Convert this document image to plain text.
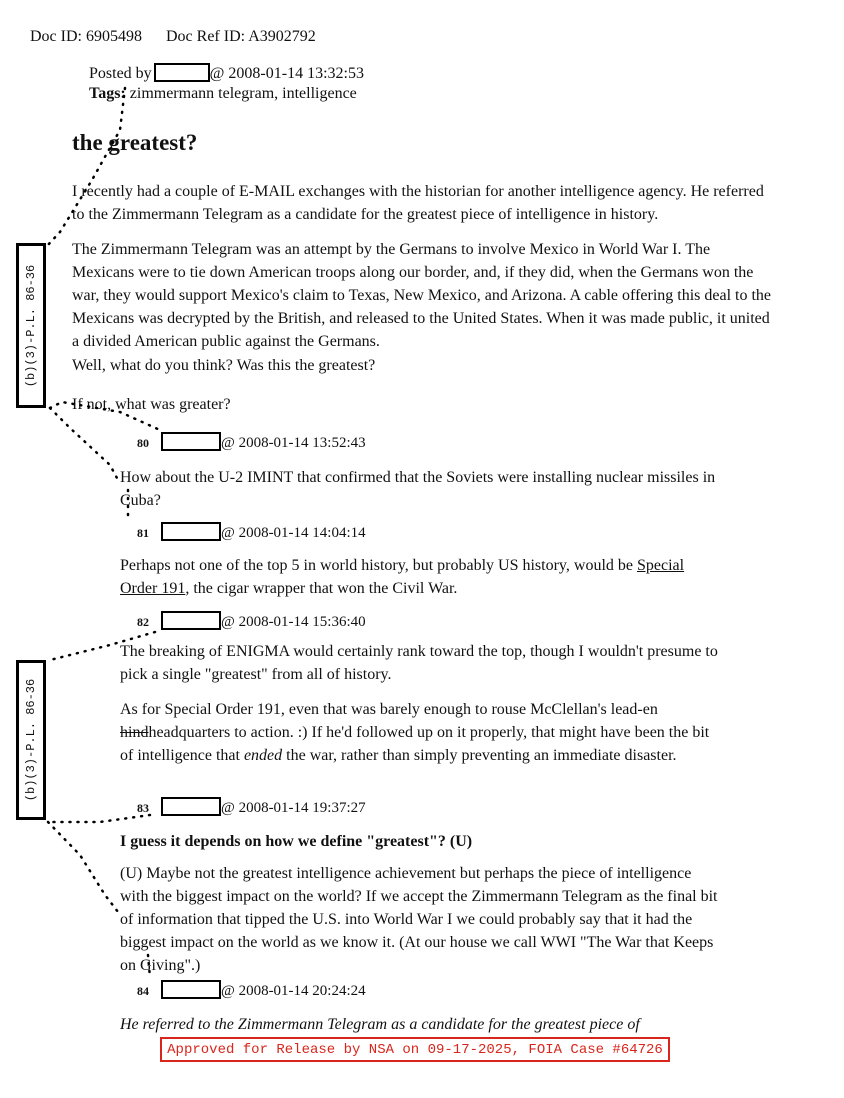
Doc ID: 6905498 Doc Ref ID: A3902792
Posted by	@ 2008-01-14 13:32:53
Tags: zimmermann telegram, intelligence
the greatest?

I recently had a couple of E-MAIL exchanges with the historian for another intelligence agency. He referred to the Zimmermann Telegram as a candidate for the greatest piece of intelligence in history.

The Zimmermann Telegram was an attempt by the Germans to involve Mexico in World War I. The Mexicans were to tie down American troops along our border, and, if they did, when the Germans won the war, they would support Mexico's claim to Texas, New Mexico, and Arizona. A cable offering this deal to the Mexicans was decrypted by the British, and released to the United States. When it was made public, it united a divided American public against the Germans.

Well, what do you think? Was this the greatest?

If not, what was greater?

(b)(3)-P.L. 86-36
(b)(3)-P.L. 86-36
80	@ 2008-01-14 13:52:43

How about the U-2 IMINT that confirmed that the Soviets were installing nuclear missiles in Cuba?

81	@ 2008-01-14 14:04:14

Perhaps not one of the top 5 in world history, but probably US history, would be Special Order 191, the cigar wrapper that won the Civil War.

82	@ 2008-01-14 15:36:40

The breaking of ENIGMA would certainly rank toward the top, though I wouldn't presume to pick a single "greatest" from all of history.

As for Special Order 191, even that was barely enough to rouse McClellan's lead-en hindheadquarters to action. :) If he'd followed up on it properly, that might have been the bit of intelligence that ended the war, rather than simply preventing an immediate disaster.

83	@ 2008-01-14 19:37:27

I guess it depends on how we define "greatest"? (U)

(U) Maybe not the greatest intelligence achievement but perhaps the piece of intelligence with the biggest impact on the world? If we accept the Zimmermann Telegram as the final bit of information that tipped the U.S. into World War I we could probably say that it had the biggest impact on the world as we know it. (At our house we call WWI "The War that Keeps on Giving".)

84	@ 2008-01-14 20:24:24

He referred to the Zimmermann Telegram as a candidate for the greatest piece of

Approved for Release by NSA on 09-17-2025, FOIA Case #64726
